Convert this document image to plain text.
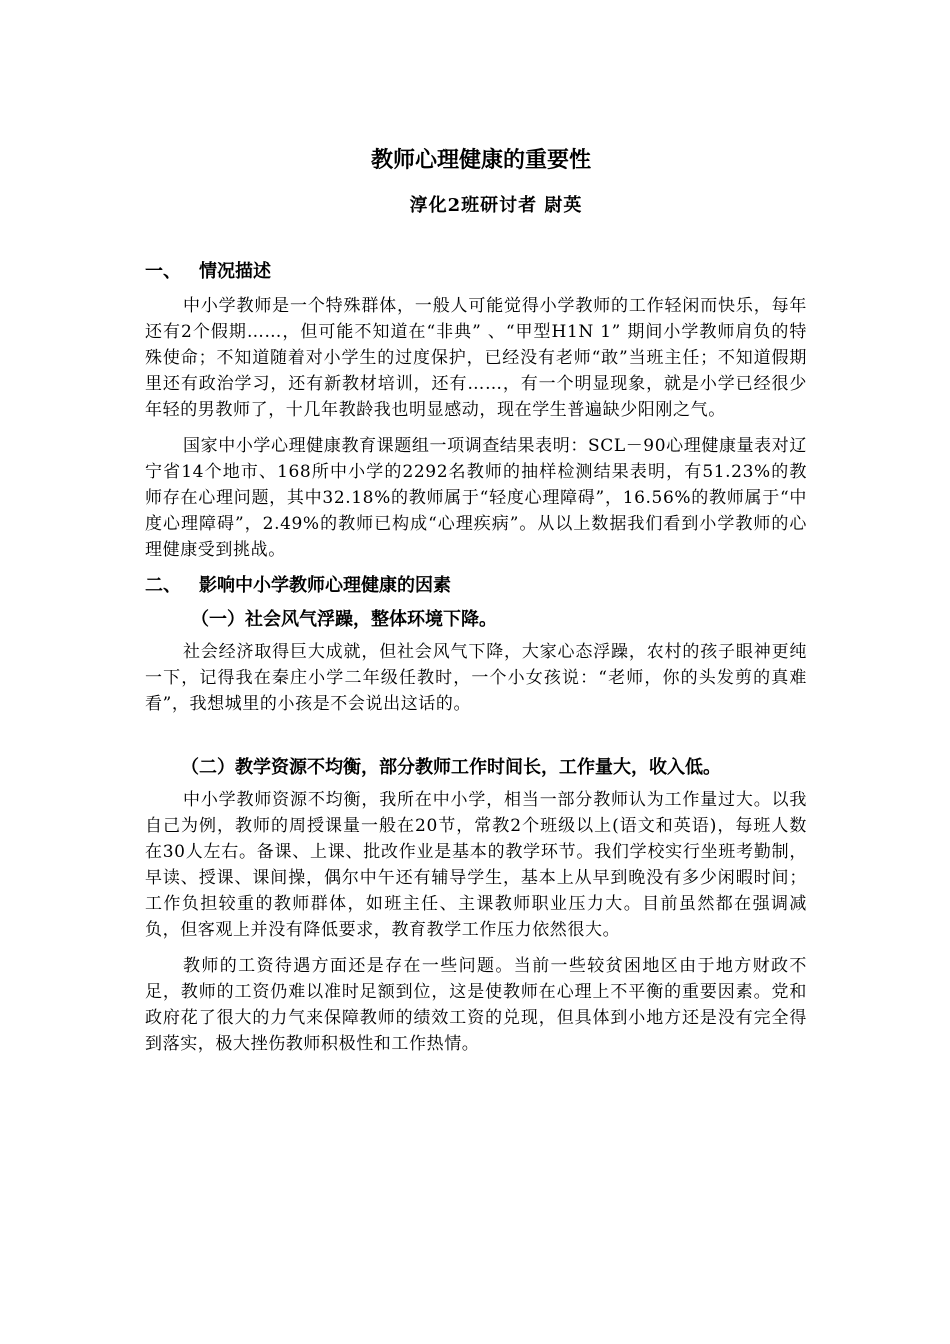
教师心理健康的重要性
淳化2班研讨者 尉英
一、 情况描述

中小学教师是一个特殊群体，一般人可能觉得小学教师的工作轻闲而快乐，每年还有2个假期……，但可能不知道在“非典” 、“甲型H1N 1” 期间小学教师肩负的特殊使命；不知道随着对小学生的过度保护，已经没有老师“敢”当班主任；不知道假期里还有政治学习，还有新教材培训，还有……，有一个明显现象，就是小学已经很少年轻的男教师了，十几年教龄我也明显感动，现在学生普遍缺少阳刚之气。

国家中小学心理健康教育课题组一项调查结果表明：SCL－90心理健康量表对辽宁省14个地市、168所中小学的2292名教师的抽样检测结果表明，有51.23%的教师存在心理问题，其中32.18%的教师属于“轻度心理障碍”，16.56%的教师属于“中度心理障碍”，2.49%的教师已构成“心理疾病”。从以上数据我们看到小学教师的心理健康受到挑战。

二、 影响中小学教师心理健康的因素
（一）社会风气浮躁，整体环境下降。

社会经济取得巨大成就，但社会风气下降，大家心态浮躁，农村的孩子眼神更纯一下，记得我在秦庄小学二年级任教时，一个小女孩说：“老师，你的头发剪的真难看”，我想城里的小孩是不会说出这话的。

（二）教学资源不均衡，部分教师工作时间长，工作量大，收入低。

中小学教师资源不均衡，我所在中小学，相当一部分教师认为工作量过大。以我自己为例，教师的周授课量一般在20节，常教2个班级以上(语文和英语)，每班人数在30人左右。备课、上课、批改作业是基本的教学环节。我们学校实行坐班考勤制，早读、授课、课间操，偶尔中午还有辅导学生，基本上从早到晚没有多少闲暇时间；工作负担较重的教师群体，如班主任、主课教师职业压力大。目前虽然都在强调减负，但客观上并没有降低要求，教育教学工作压力依然很大。

教师的工资待遇方面还是存在一些问题。当前一些较贫困地区由于地方财政不足，教师的工资仍难以准时足额到位，这是使教师在心理上不平衡的重要因素。党和政府花了很大的力气来保障教师的绩效工资的兑现，但具体到小地方还是没有完全得到落实，极大挫伤教师积极性和工作热情。
